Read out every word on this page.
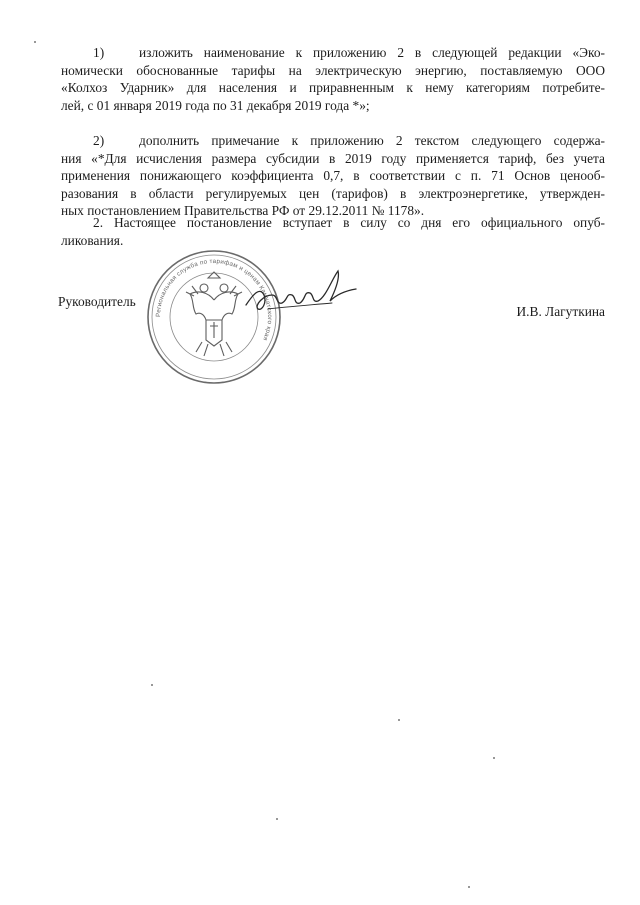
1)	изложить наименование к приложению 2 в следующей редакции «Эко-
номически обоснованные тарифы на электрическую энергию, поставляемую ООО
«Колхоз Ударник» для населения и приравненным к нему категориям потребите-
лей, с 01 января 2019 года по 31 декабря 2019 года *»;
2)	дополнить примечание к приложению 2 текстом следующего содержа-
ния «*Для исчисления размера субсидии в 2019 году применяется тариф, без учета
применения понижающего коэффициента 0,7, в соответствии с п. 71 Основ ценооб-
разования в области регулируемых цен (тарифов) в электроэнергетике, утвержден-
ных постановлением Правительства РФ от 29.12.2011 № 1178».
2. Настоящее постановление вступает в силу со дня его официального опуб-
ликования.
Региональная служба по тарифам и ценам Камчатского края
Руководитель
И.В. Лагуткина
